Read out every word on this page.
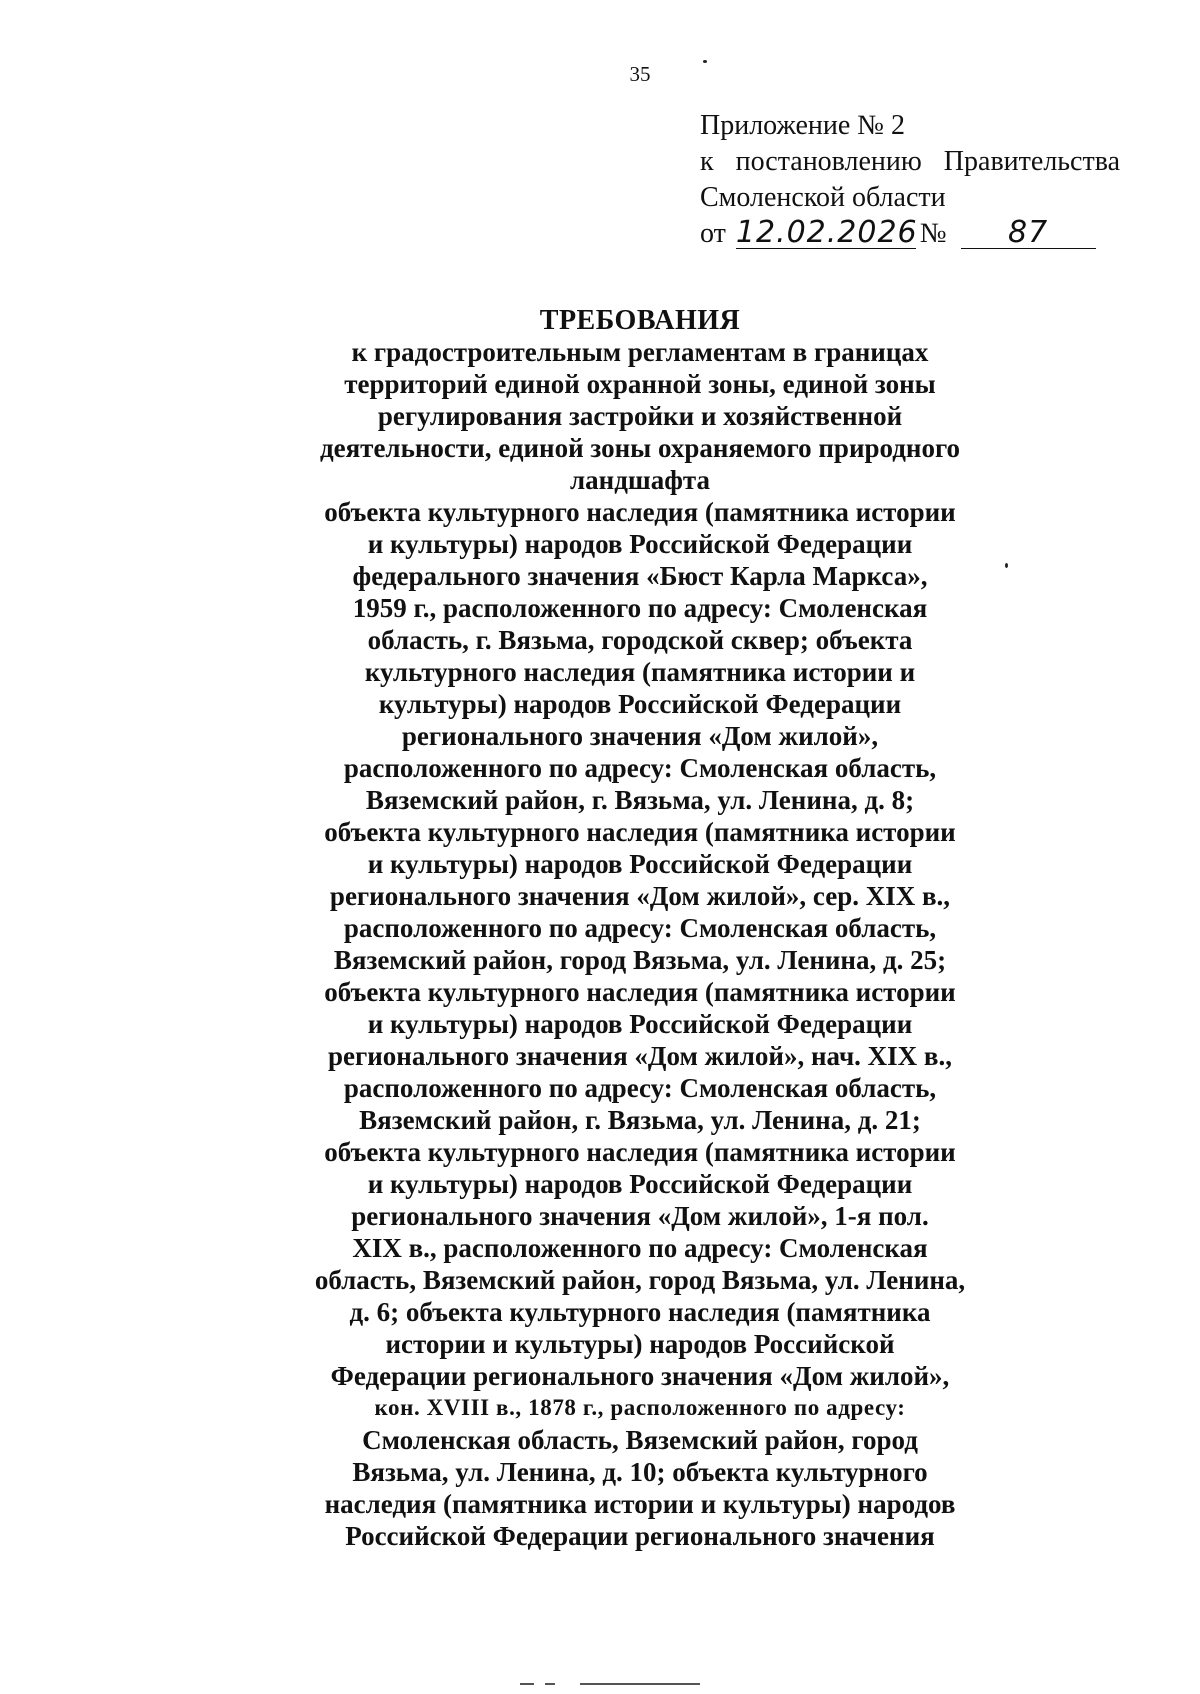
35
Приложение № 2
к постановлению Правительства
Смоленской области
от 12.02.2026 №	87
ТРЕБОВАНИЯ
к градостроительным регламентам в границах
территорий единой охранной зоны, единой зоны
регулирования застройки и хозяйственной
деятельности, единой зоны охраняемого природного
ландшафта
объекта культурного наследия (памятника истории
и культуры) народов Российской Федерации
федерального значения «Бюст Карла Маркса»,
1959 г., расположенного по адресу: Смоленская
область, г. Вязьма, городской сквер; объекта
культурного наследия (памятника истории и
культуры) народов Российской Федерации
регионального значения «Дом жилой»,
расположенного по адресу: Смоленская область,
Вяземский район, г. Вязьма, ул. Ленина, д. 8;
объекта культурного наследия (памятника истории
и культуры) народов Российской Федерации
регионального значения «Дом жилой», сер. XIX в.,
расположенного по адресу: Смоленская область,
Вяземский район, город Вязьма, ул. Ленина, д. 25;
объекта культурного наследия (памятника истории
и культуры) народов Российской Федерации
регионального значения «Дом жилой», нач. XIX в.,
расположенного по адресу: Смоленская область,
Вяземский район, г. Вязьма, ул. Ленина, д. 21;
объекта культурного наследия (памятника истории
и культуры) народов Российской Федерации
регионального значения «Дом жилой», 1-я пол.
XIX в., расположенного по адресу: Смоленская
область, Вяземский район, город Вязьма, ул. Ленина,
д. 6; объекта культурного наследия (памятника
истории и культуры) народов Российской
Федерации регионального значения «Дом жилой»,
кон. XVIII в., 1878 г., расположенного по адресу:
Смоленская область, Вяземский район, город
Вязьма, ул. Ленина, д. 10; объекта культурного
наследия (памятника истории и культуры) народов
Российской Федерации регионального значения
